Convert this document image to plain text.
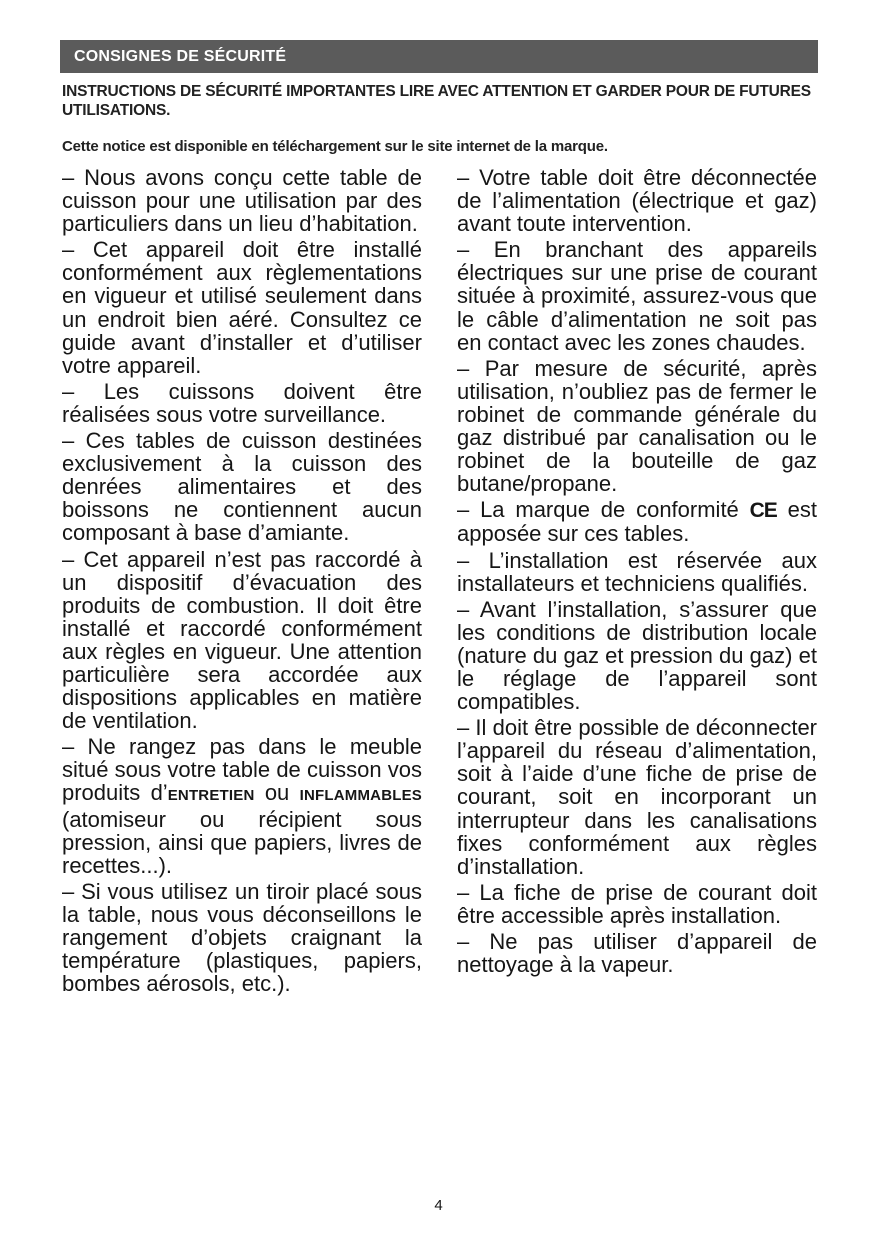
CONSIGNES DE SÉCURITÉ
INSTRUCTIONS DE SÉCURITÉ IMPORTANTES LIRE AVEC ATTENTION ET GARDER POUR DE FUTURES UTILISATIONS.
Cette notice est disponible en téléchargement sur le site internet de la marque.

– Nous avons conçu cette table de cuisson pour une utilisation par des particuliers dans un lieu d’habitation.

– Cet appareil doit être installé conformément aux règlementations en vigueur et utilisé seulement dans un endroit bien aéré. Consultez ce guide avant d’installer et d’utiliser votre appareil.

– Les cuissons doivent être réalisées sous votre surveillance.

– Ces tables de cuisson destinées exclusivement à la cuisson des denrées alimentaires et des boissons ne contiennent aucun composant à base d’amiante.

– Cet appareil n’est pas raccordé à un dispositif d’évacuation des produits de combustion. Il doit être installé et raccordé conformément aux règles en vigueur. Une attention particulière sera accordée aux dispositions applicables en matière de ventilation.

– Ne rangez pas dans le meuble situé sous votre table de cuisson vos produits d’ENTRETIEN ou INFLAMMABLES (atomiseur ou récipient sous pression, ainsi que papiers, livres de recettes...).

– Si vous utilisez un tiroir placé sous la table, nous vous déconseillons le rangement d’objets craignant la température (plastiques, papiers, bombes aérosols, etc.).

– Votre table doit être déconnectée de l’alimentation (électrique et gaz) avant toute intervention.

– En branchant des appareils électriques sur une prise de courant située à proximité, assurez-vous que le câble d’alimentation ne soit pas en contact avec les zones chaudes.

– Par mesure de sécurité, après utilisation, n’oubliez pas de fermer le robinet de commande générale du gaz distribué par canalisation ou le robinet de la bouteille de gaz butane/propane.

– La marque de conformité CE est apposée sur ces tables.

– L’installation est réservée aux installateurs et techniciens qualifiés.

– Avant l’installation, s’assurer que les conditions de distribution locale (nature du gaz et pression du gaz) et le réglage de l’appareil sont compatibles.

– Il doit être possible de déconnecter l’appareil du réseau d’alimentation, soit à l’aide d’une fiche de prise de courant, soit en incorporant un interrupteur dans les canalisations fixes conformément aux règles d’installation.

– La fiche de prise de courant doit être accessible après installation.

– Ne pas utiliser d’appareil de nettoyage à la vapeur.

4
